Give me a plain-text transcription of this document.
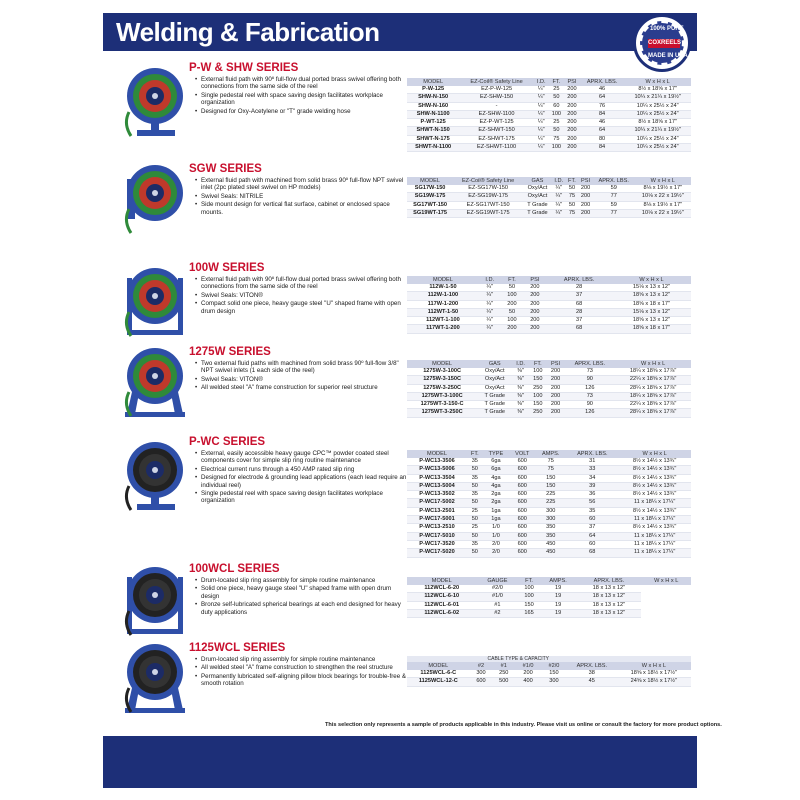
Welding & Fabrication	100% PURE
COXREELS
MADE IN USA
P-W & SHW SERIES
• External fluid path with 90º full-flow dual ported brass swivel offering both connections from the same side of the reel
• Single pedestal reel with space saving design facilitates workplace organization
• Designed for Oxy-Acetylene or "T" grade welding hose
MODEL	EZ-Coil® Safety Line	I.D.	FT.	PSI	APRX. LBS.	W x H x L
P-W-125	EZ-P-W-125	¼"	25	200	46	8½ x 18⅝ x 17"
SHW-N-150	EZ-SHW-150	¼"	50	200	64	10¼ x 21¼ x 19½"
SHW-N-160	-	¼"	60	200	76	10¼ x 25½ x 24"
SHW-N-1100	EZ-SHW-1100	¼"	100	200	84	10¼ x 25½ x 24"
P-WT-125	EZ-P-WT-125	¼"	25	200	46	8½ x 18⅝ x 17"
SHWT-N-150	EZ-SHWT-150	¼"	50	200	64	10¼ x 21¼ x 19½"
SHWT-N-175	EZ-SHWT-175	¼"	75	200	80	10¼ x 25½ x 24"
SHWT-N-1100	EZ-SHWT-1100	¼"	100	200	84	10¼ x 25½ x 24"
SGW SERIES
• External fluid path with machined from solid brass 90º full-flow NPT swivel inlet (2pc plated steel swivel on HP models)
• Swivel Seals: NITRILE
• Side mount design for vertical flat surface, cabinet or enclosed space mounts.
MODEL	EZ-Coil® Safety Line	GAS	I.D.	FT.	PSI	APRX. LBS.	W x H x L
SG17W-150	EZ-SG17W-150	Oxy/Act	¼"	50	200	59	8⅛ x 19½ x 17"
SG19W-175	EZ-SG19W-175	Oxy/Act	¼"	75	200	77	10⅛ x 22 x 19½"
SG17WT-150	EZ-SG17WT-150	T Grade	¼"	50	200	59	8⅛ x 19½ x 17"
SG19WT-175	EZ-SG19WT-175	T Grade	¼"	75	200	77	10⅛ x 22 x 19½"
100W SERIES
• External fluid path with 90º full-flow dual ported brass swivel offering both connections from the same side of the reel
• Swivel Seals: VITON®
• Compact solid one piece, heavy gauge steel "U" shaped frame with open drum design
MODEL	I.D.	FT.	PSI	APRX. LBS.	W x H x L
112W-1-50	¼"	50	200	28	15⅛ x 13 x 12"
112W-1-100	¼"	100	200	37	18⅝ x 13 x 12"
117W-1-200	¼"	200	200	68	18⅝ x 18 x 17"
112WT-1-50	¼"	50	200	28	15⅛ x 13 x 12"
112WT-1-100	¼"	100	200	37	18⅝ x 13 x 12"
117WT-1-200	¼"	200	200	68	18⅝ x 18 x 17"
1275W SERIES
• Two external fluid paths with machined from solid brass 90º full-flow 3/8" NPT swivel inlets (1 each side of the reel)
• Swivel Seals: VITON®
• All welded steel "A" frame construction for superior reel structure
MODEL	GAS	I.D.	FT.	PSI	APRX. LBS.	W x H x L
1275W-3-100C	Oxy/Act	⅜"	100	200	73	18¼ x 18⅝ x 17⅞"
1275W-3-150C	Oxy/Act	⅜"	150	200	90	22¼ x 18⅝ x 17⅞"
1275W-3-250C	Oxy/Act	⅜"	250	200	126	28¼ x 18⅝ x 17⅞"
1275WT-3-100C	T Grade	⅜"	100	200	73	18¼ x 18⅝ x 17⅞"
1275WT-3-150-C	T Grade	⅜"	150	200	90	22¼ x 18⅝ x 17⅞"
1275WT-3-250C	T Grade	⅜"	250	200	126	28¼ x 18⅝ x 17⅞"
P-WC SERIES
• External, easily accessible heavy gauge CPC™ powder coated steel components cover for simple slip ring routine maintenance
• Electrical current runs through a 450 AMP rated slip ring
• Designed for electrode & grounding lead applications (each lead require an individual reel)
• Single pedestal reel with space saving design facilitates workplace organization
MODEL	FT.	TYPE	VOLT	AMPS.	APRX. LBS.	W x H x L
P-WC13-3506	35	6ga	600	75	31	8½ x 14½ x 13¾"
P-WC13-5006	50	6ga	600	75	33	8½ x 14½ x 13¾"
P-WC13-3504	35	4ga	600	150	34	8½ x 14½ x 13¾"
P-WC13-5004	50	4ga	600	150	39	8½ x 14½ x 13¾"
P-WC13-3502	35	2ga	600	225	36	8½ x 14½ x 13¾"
P-WC17-5002	50	2ga	600	225	56	11 x 18¼ x 17¼"
P-WC13-2501	25	1ga	600	300	35	8½ x 14½ x 13¾"
P-WC17-5001	50	1ga	600	300	60	11 x 18¼ x 17¼"
P-WC13-2510	25	1/0	600	350	37	8½ x 14½ x 13¾"
P-WC17-5010	50	1/0	600	350	64	11 x 18¼ x 17¼"
P-WC17-3520	35	2/0	600	450	60	11 x 18¼ x 17¼"
P-WC17-5020	50	2/0	600	450	68	11 x 18¼ x 17¼"
100WCL SERIES
• Drum-located slip ring assembly for simple routine maintenance
• Solid one piece, heavy gauge steel "U" shaped frame with open drum design
• Bronze self-lubricated spherical bearings at each end designed for heavy duty applications
MODEL	GAUGE	FT.	AMPS.	APRX. LBS.	W x H x L
112WCL-6-20	#2/0	100	19	18 x 13 x 12"	
112WCL-6-10	#1/0	100	19	18 x 13 x 12"	
112WCL-6-01	#1	150	19	18 x 13 x 12"	
112WCL-6-02	#2	165	19	18 x 13 x 12"	
1125WCL SERIES
• Drum-located slip ring assembly for simple routine maintenance
• All welded steel "A" frame construction to strengthen the reel structure
• Permanently lubricated self-aligning pillow block bearings for trouble-free & smooth rotation
	CABLE TYPE & CAPACITY					
MODEL	#2	#1	#1/0	#2/0	APRX. LBS.	W x H x L
1125WCL-6-C	300	250	200	150	38	18⅝ x 18½ x 17½"
1125WCL-12-C	600	500	400	300	45	24⅝ x 18½ x 17½"
This selection only represents a sample of products applicable in this industry. Please visit us online or consult the factory for more product options.
